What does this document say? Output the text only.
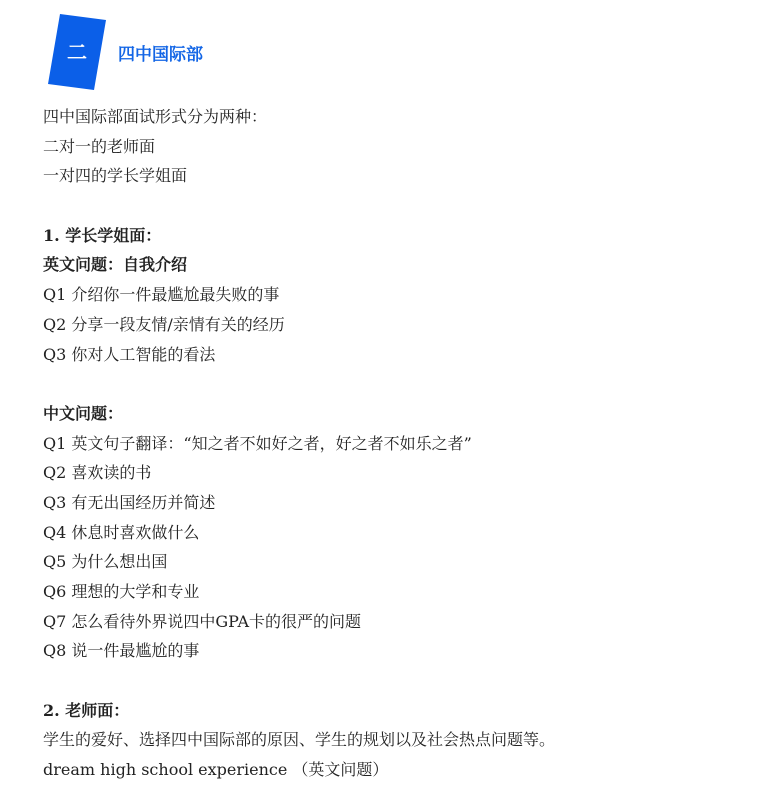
二	四中国际部
四中国际部面试形式分为两种：
二对一的老师面
一对四的学长学姐面
1. 学长学姐面：
英文问题：自我介绍
Q1 介绍你一件最尴尬最失败的事
Q2 分享一段友情/亲情有关的经历
Q3 你对人工智能的看法
中文问题：
Q1 英文句子翻译：“知之者不如好之者，好之者不如乐之者”
Q2 喜欢读的书
Q3 有无出国经历并简述
Q4 休息时喜欢做什么
Q5 为什么想出国
Q6 理想的大学和专业
Q7 怎么看待外界说四中GPA卡的很严的问题
Q8 说一件最尴尬的事
2. 老师面：
学生的爱好、选择四中国际部的原因、学生的规划以及社会热点问题等。
dream high school experience （英文问题）
